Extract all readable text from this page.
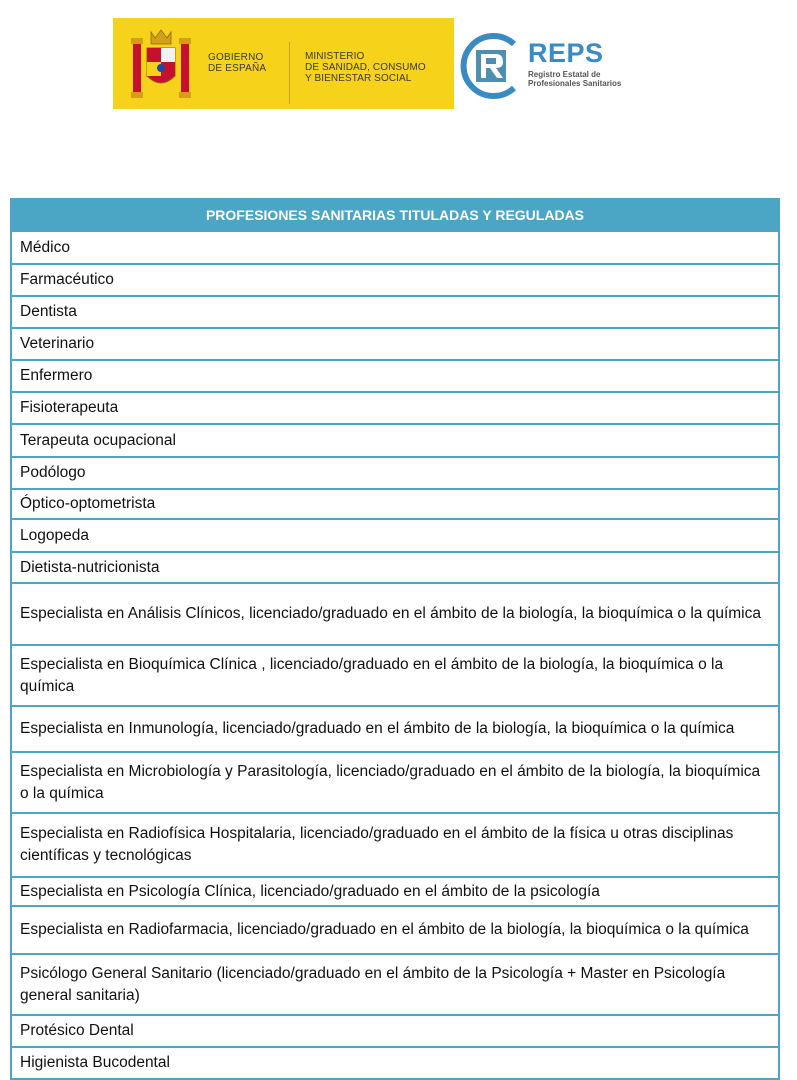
GOBIERNO
DE ESPAÑA
MINISTERIO
DE SANIDAD, CONSUMO
Y BIENESTAR SOCIAL
REPS
Registro Estatal de
Profesionales Sanitarios
PROFESIONES SANITARIAS TITULADAS Y REGULADAS
Médico
Farmacéutico
Dentista
Veterinario
Enfermero
Fisioterapeuta
Terapeuta ocupacional
Podólogo
Óptico-optometrista
Logopeda
Dietista-nutricionista
Especialista en Análisis Clínicos, licenciado/graduado en el ámbito de la biología, la bioquímica o la química
Especialista en Bioquímica Clínica , licenciado/graduado en el ámbito de la biología, la bioquímica o la química
Especialista en Inmunología, licenciado/graduado en el ámbito de la biología, la bioquímica o la química
Especialista en Microbiología y Parasitología, licenciado/graduado en el ámbito de la biología, la bioquímica o la química
Especialista en Radiofísica Hospitalaria, licenciado/graduado en el ámbito de la física u otras disciplinas científicas y tecnológicas
Especialista en Psicología Clínica, licenciado/graduado en el ámbito de la psicología
Especialista en Radiofarmacia, licenciado/graduado en el ámbito de la biología, la bioquímica o la química
Psicólogo General Sanitario (licenciado/graduado en el ámbito de la Psicología + Master en Psicología general sanitaria)
Protésico Dental
Higienista Bucodental
